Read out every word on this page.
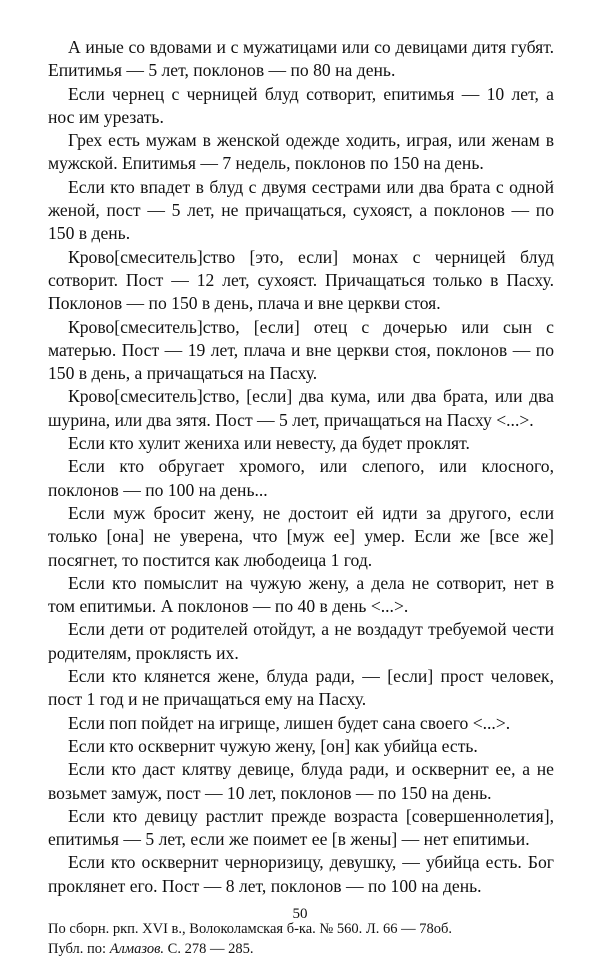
А иные со вдовами и с мужатицами или со девицами дитя губят. Епитимья — 5 лет, поклонов — по 80 на день.

Если чернец с черницей блуд сотворит, епитимья — 10 лет, а нос им урезать.

Грех есть мужам в женской одежде ходить, играя, или женам в мужской. Епитимья — 7 недель, поклонов по 150 на день.

Если кто впадет в блуд с двумя сестрами или два брата с одной женой, пост — 5 лет, не причащаться, сухояст, а поклонов — по 150 в день.

Крово[смеситель]ство [это, если] монах с черницей блуд сотворит. Пост — 12 лет, сухояст. Причащаться только в Пасху. Поклонов — по 150 в день, плача и вне церкви стоя.

Крово[смеситель]ство, [если] отец с дочерью или сын с матерью. Пост — 19 лет, плача и вне церкви стоя, поклонов — по 150 в день, а причащаться на Пасху.

Крово[смеситель]ство, [если] два кума, или два брата, или два шурина, или два зятя. Пост — 5 лет, причащаться на Пасху <...>.

Если кто хулит жениха или невесту, да будет проклят.

Если кто обругает хромого, или слепого, или клосного, поклонов — по 100 на день...

Если муж бросит жену, не достоит ей идти за другого, если только [она] не уверена, что [муж ее] умер. Если же [все же] посягнет, то постится как любодеица 1 год.

Если кто помыслит на чужую жену, а дела не сотворит, нет в том епитимьи. А поклонов — по 40 в день <...>.

Если дети от родителей отойдут, а не воздадут требуемой чести родителям, проклясть их.

Если кто клянется жене, блуда ради, — [если] прост человек, пост 1 год и не причащаться ему на Пасху.

Если поп пойдет на игрище, лишен будет сана своего <...>.

Если кто осквернит чужую жену, [он] как убийца есть.

Если кто даст клятву девице, блуда ради, и осквернит ее, а не возьмет замуж, пост — 10 лет, поклонов — по 150 на день.

Если кто девицу растлит прежде возраста [совершеннолетия], епитимья — 5 лет, если же поимет ее [в жены] — нет епитимьи.

Если кто осквернит черноризицу, девушку, — убийца есть. Бог проклянет его. Пост — 8 лет, поклонов — по 100 на день.

По сборн. ркп. XVI в., Волоколамская б-ка. № 560. Л. 66 — 78об.

Публ. по: Алмазов. С. 278 — 285.

50
